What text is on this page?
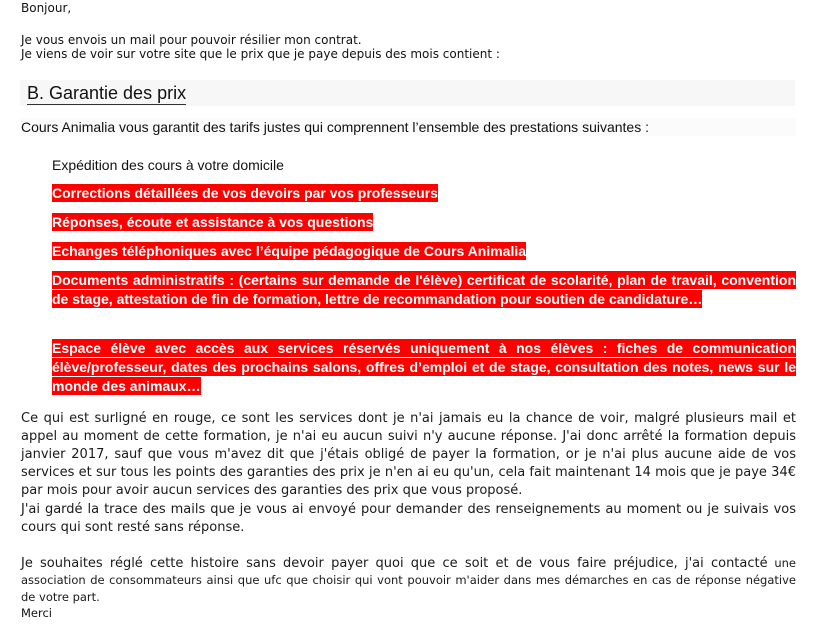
Bonjour,
Je vous envois un mail pour pouvoir résilier mon contrat.
Je viens de voir sur votre site que le prix que je paye depuis des mois contient :
B. Garantie des prix
Cours Animalia vous garantit des tarifs justes qui comprennent l’ensemble des prestations suivantes :
Expédition des cours à votre domicile
Corrections détaillées de vos devoirs par vos professeurs
Réponses, écoute et assistance à vos questions
Echanges téléphoniques avec l’équipe pédagogique de Cours Animalia
Documents administratifs : (certains sur demande de l'élève) certificat de scolarité, plan de travail, convention de stage, attestation de fin de formation, lettre de recommandation pour soutien de candidature…
Espace élève avec accès aux services réservés uniquement à nos élèves : fiches de communication élève/professeur, dates des prochains salons, offres d’emploi et de stage, consultation des notes, news sur le monde des animaux…
Ce qui est surligné en rouge, ce sont les services dont je n'ai jamais eu la chance de voir, malgré plusieurs mail et appel au moment de cette formation, je n'ai eu aucun suivi n'y aucune réponse. J'ai donc arrêté la formation depuis janvier 2017, sauf que vous m'avez dit que j'étais obligé de payer la formation, or je n'ai plus aucune aide de vos services et sur tous les points des garanties des prix je n'en ai eu qu'un, cela fait maintenant 14 mois que je paye 34€ par mois pour avoir aucun services des garanties des prix que vous proposé.
J'ai gardé la trace des mails que je vous ai envoyé pour demander des renseignements au moment ou je suivais vos cours qui sont resté sans réponse.
Je souhaites réglé cette histoire sans devoir payer quoi que ce soit et de vous faire préjudice, j'ai contacté une association de consommateurs ainsi que ufc que choisir qui vont pouvoir m'aider dans mes démarches en cas de réponse négative de votre part.
Merci
